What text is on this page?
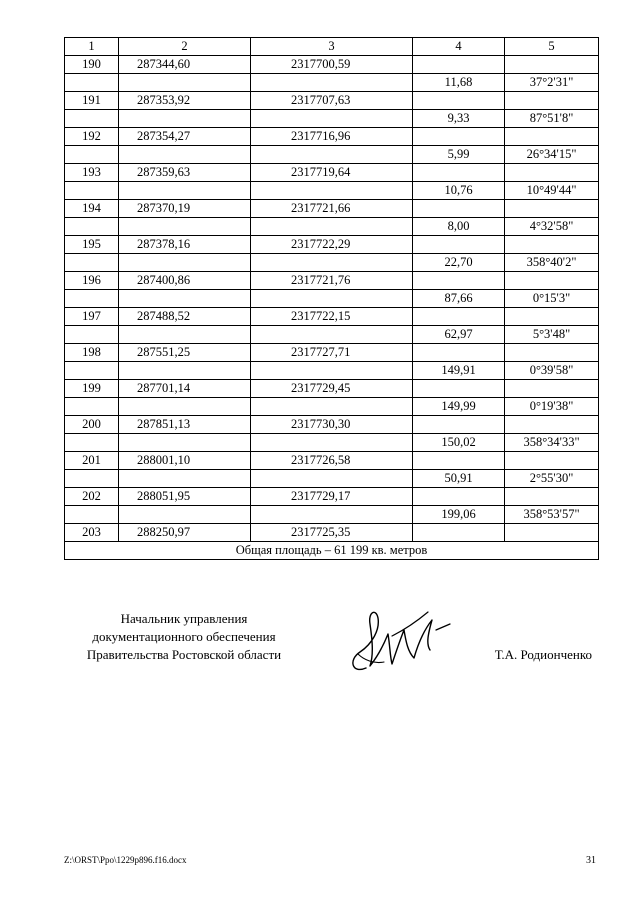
1	2	3	4	5
190	287344,60	2317700,59		
			11,68	37°2'31"
191	287353,92	2317707,63		
			9,33	87°51'8"
192	287354,27	2317716,96		
			5,99	26°34'15"
193	287359,63	2317719,64		
			10,76	10°49'44"
194	287370,19	2317721,66		
			8,00	4°32'58"
195	287378,16	2317722,29		
			22,70	358°40'2"
196	287400,86	2317721,76		
			87,66	0°15'3"
197	287488,52	2317722,15		
			62,97	5°3'48"
198	287551,25	2317727,71		
			149,91	0°39'58"
199	287701,14	2317729,45		
			149,99	0°19'38"
200	287851,13	2317730,30		
			150,02	358°34'33"
201	288001,10	2317726,58		
			50,91	2°55'30"
202	288051,95	2317729,17		
			199,06	358°53'57"
203	288250,97	2317725,35		
Общая площадь – 61 199 кв. метров				
Начальник управления
документационного обеспечения
Правительства Ростовской области	Т.А. Родионченко
Z:\ORST\Ppo\1229p896.f16.docx	31
